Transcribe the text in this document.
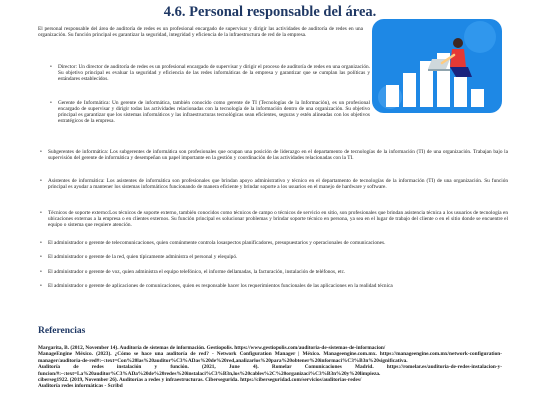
4.6. Personal responsable del área.

El personal responsable del área de auditoría de redes es un profesional encargado de supervisar y dirigir las actividades de auditoría de redes en una organización. Su función principal es garantizar la seguridad, integridad y eficiencia de la infraestructura de red de la empresa.

• Director: Un director de auditoría de redes es un profesional encargado de supervisar y dirigir el proceso de auditoría de redes en una organización. Su objetivo principal es evaluar la seguridad y eficiencia de las redes informáticas de la empresa y garantizar que se cumplan las políticas y estándares establecidos.
• Gerente de Informática: Un gerente de informática, también conocido como gerente de TI (Tecnologías de la Información), es un profesional encargado de supervisar y dirigir todas las actividades relacionadas con la tecnología de la información dentro de una organización. Su objetivo principal es garantizar que los sistemas informáticos y las infraestructuras tecnológicas sean eficientes, seguras y estén alineadas con los objetivos estratégicos de la empresa.
• Subgerentes de informática: Los subgerentes de informática son profesionales que ocupan una posición de liderazgo en el departamento de tecnologías de la información (TI) de una organización. Trabajan bajo la supervisión del gerente de informática y desempeñan un papel importante en la gestión y coordinación de las actividades relacionadas con la TI.
• Asistentes de informática: Los asistentes de informática son profesionales que brindan apoyo administrativo y técnico en el departamento de tecnologías de la información (TI) de una organización. Su función principal es ayudar a mantener los sistemas informáticos funcionando de manera eficiente y brindar soporte a los usuarios en el manejo de hardware y software.
• Técnicos de soporte externo:Los técnicos de soporte externo, también conocidos como técnicos de campo o técnicos de servicio en sitio, son profesionales que brindan asistencia técnica a los usuarios de tecnología en ubicaciones externas a la empresa o en clientes externos. Su función principal es solucionar problemas y brindar soporte técnico en persona, ya sea en el lugar de trabajo del cliente o en el sitio donde se encuentre el equipo o sistema que requiere atención.
• El administrador o gerente de telecomunicaciones, quien comúnmente controla losaspectos planificadores, presupuestarios y operacionales de comunicaciones.
• El administrador o gerente de la red, quien típicamente administra el personal y elequipó.
• El administrador o gerente de voz, quien administra el equipo telefónico, el informe dellamadas, la facturación, instalación de teléfonos, etc.
• El administrador o gerente de aplicaciones de comunicaciones, quien es responsable hacer los requerimientos funcionales de las aplicaciones en la realidad técnica
Referencias
Margarita, B. (2012, November 14). Auditoría de sistemas de información. Gestiopolis. https://www.gestiopolis.com/auditoria-de-sistemas-de-informacion/
ManageEngine México. (2023). ¿Cómo se hace una auditoría de red? - Network Configuration Manager | México. Manageengine.com.mx. https://manageengine.com.mx/network-configuration-manager/auditoria-de-red#:~:text=Con%20las%20auditor%C3%ADas%20de%20red,analizarlos%20para%20obtener%20informaci%C3%B3n%20significativa.
Auditoría de redes instalación y función. (2021, June 4). Romelar Comunicaciones Madrid. https://romelar.es/auditoria-de-redes-instalacion-y-funcion/#:~:text=La%20auditor%C3%ADa%20de%20redes%20instalaci%C3%B3n,los%20cables%2C%20organizaci%C3%B3n%20y%20limpieza.
ciberseg1922. (2019, November 26). Auditorías a redes y infraestructuras. Cibersegurida. https://ciberseguridad.com/servicios/auditorias-redes/
Auditoría redes informáticas - Scribd
